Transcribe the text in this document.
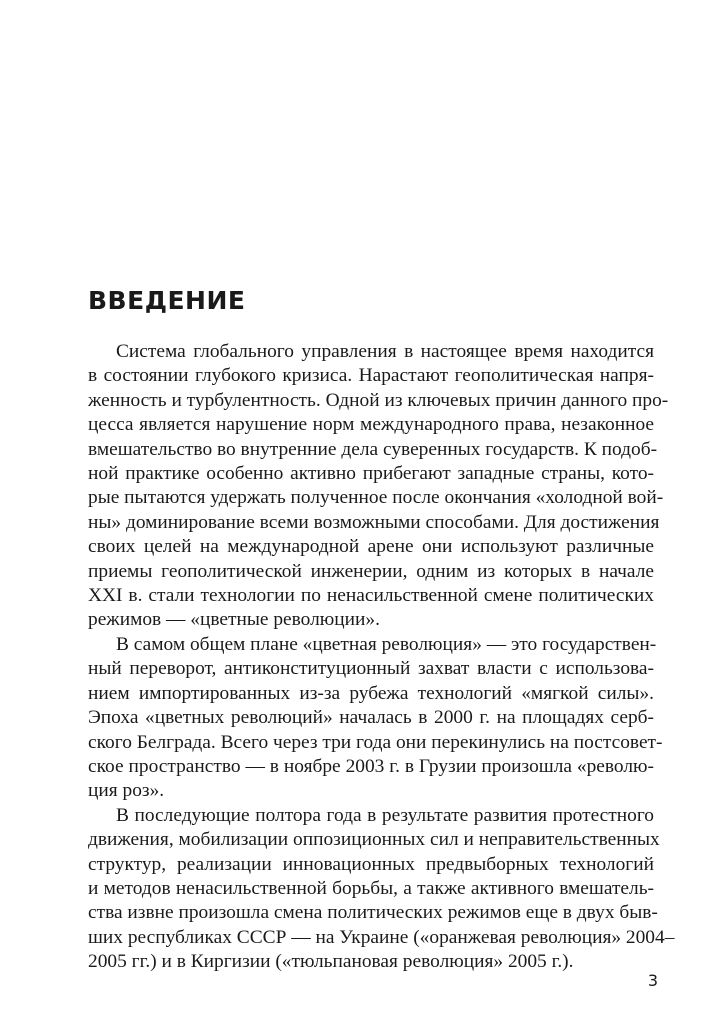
ВВЕДЕНИЕ

Система глобального управления в настоящее время находится
в состоянии глубокого кризиса. Нарастают геополитическая напря-
женность и турбулентность. Одной из ключевых причин данного про-
цесса является нарушение норм международного права, незаконное
вмешательство во внутренние дела суверенных государств. К подоб-
ной практике особенно активно прибегают западные страны, кото-
рые пытаются удержать полученное после окончания «холодной вой-
ны» доминирование всеми возможными способами. Для достижения
своих целей на международной арене они используют различные
приемы геополитической инженерии, одним из которых в начале
XXI в. стали технологии по ненасильственной смене политических
режимов — «цветные революции».

В самом общем плане «цветная революция» — это государствен-
ный переворот, антиконституционный захват власти с использова-
нием импортированных из-за рубежа технологий «мягкой силы».
Эпоха «цветных революций» началась в 2000 г. на площадях серб-
ского Белграда. Всего через три года они перекинулись на постсовет-
ское пространство — в ноябре 2003 г. в Грузии произошла «револю-
ция роз».

В последующие полтора года в результате развития протестного
движения, мобилизации оппозиционных сил и неправительственных
структур, реализации инновационных предвыборных технологий
и методов ненасильственной борьбы, а также активного вмешатель-
ства извне произошла смена политических режимов еще в двух быв-
ших республиках СССР — на Украине («оранжевая революция» 2004–
2005 гг.) и в Киргизии («тюльпановая революция» 2005 г.).

3
